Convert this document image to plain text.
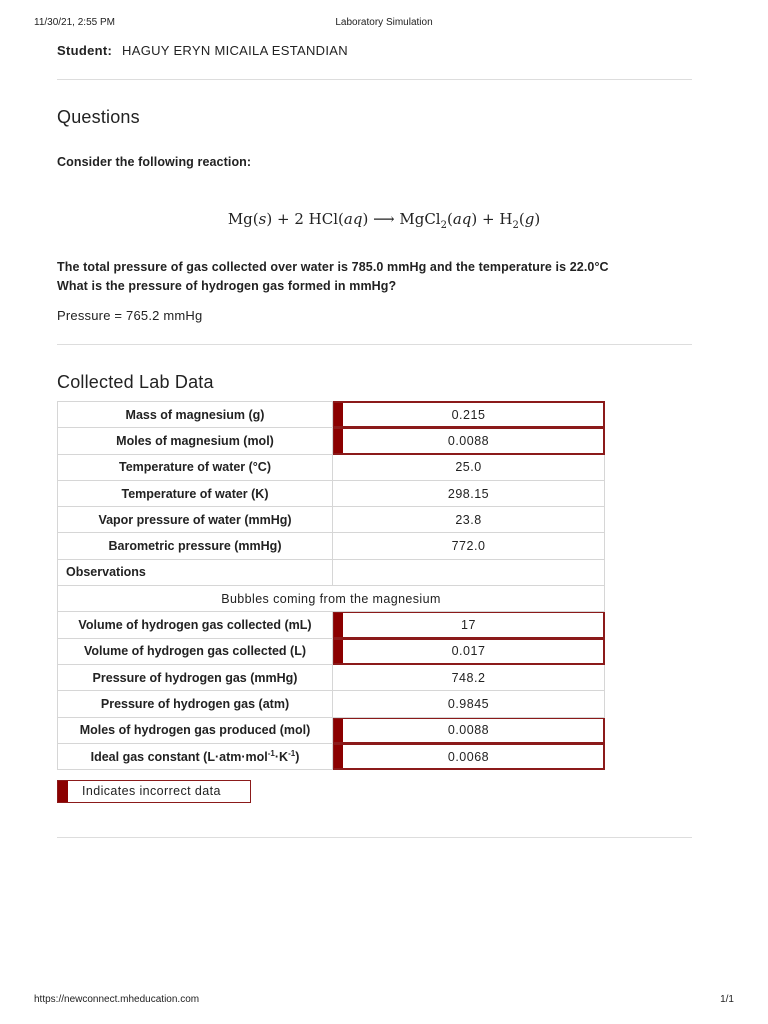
11/30/21, 2:55 PM	Laboratory Simulation
Student: HAGUY ERYN MICAILA ESTANDIAN
Questions
Consider the following reaction:
Mg(s) + 2 HCl(aq) ⟶ MgCl$_2$(aq) + $H_2(g)$
The total pressure of gas collected over water is 785.0 mmHg and the temperature is 22.0°C
What is the pressure of hydrogen gas formed in mmHg?
Pressure = 765.2 mmHg
Collected Lab Data
Mass of magnesium (g)	0.215
Moles of magnesium (mol)	0.0088
Temperature of water (°C)	25.0
Temperature of water (K)	298.15
Vapor pressure of water (mmHg)	23.8
Barometric pressure (mmHg)	772.0
Observations	
Bubbles coming from the magnesium	
Volume of hydrogen gas collected (mL)	17
Volume of hydrogen gas collected (L)	0.017
Pressure of hydrogen gas (mmHg)	748.2
Pressure of hydrogen gas (atm)	0.9845
Moles of hydrogen gas produced (mol)	0.0088
Ideal gas constant $(L\cdot atm\cdot mol^{-1}\cdot K^{-1})$	0.0068
Indicates incorrect data
https://newconnect.mheducation.com	1/1
